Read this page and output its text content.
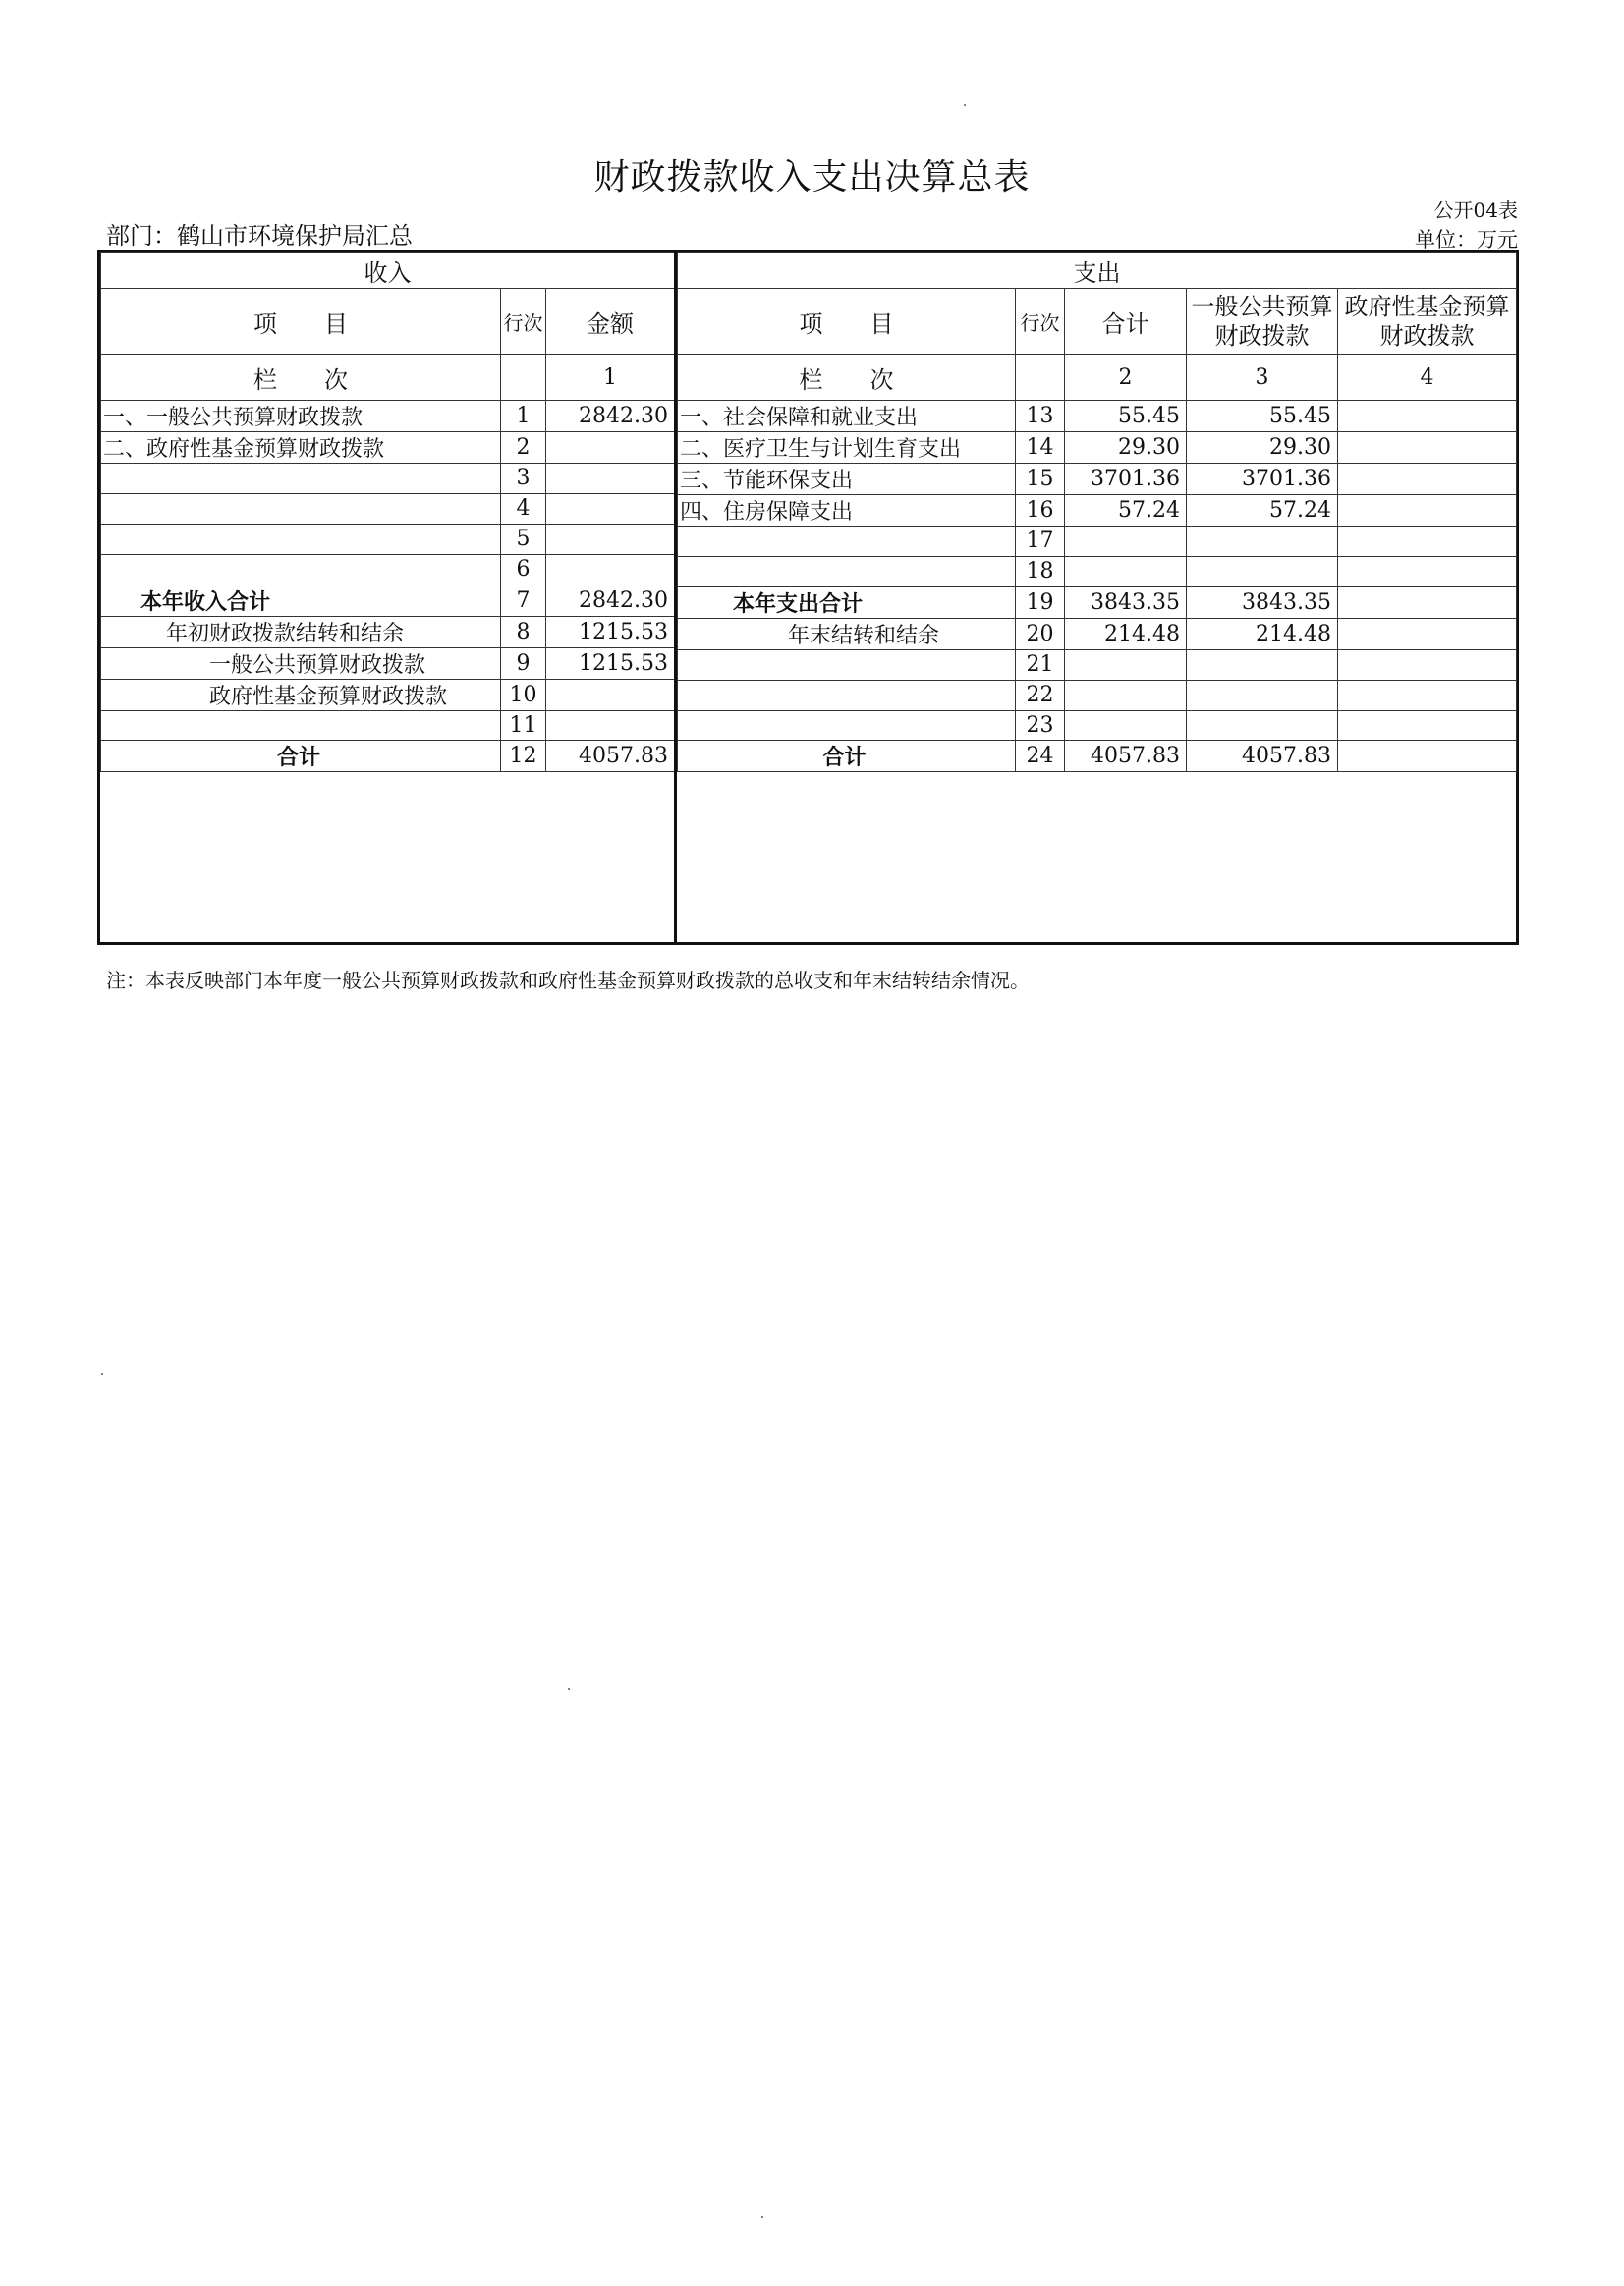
财政拨款收入支出决算总表
公开04表
部门：鹤山市环境保护局汇总	单位：万元
收入		
项　　目	行次	金额
栏　　次		1
一、一般公共预算财政拨款	1	2842.30
二、政府性基金预算财政拨款	2	
	3	
	4	
	5	
	6	
本年收入合计	7	2842.30
年初财政拨款结转和结余	8	1215.53
一般公共预算财政拨款	9	1215.53
政府性基金预算财政拨款	10	
	11	
合计	12	4057.83
支出				
项　　目	行次	合计	一般公共预算财政拨款	政府性基金预算财政拨款
栏　　次		2	3	4
一、社会保障和就业支出	13	55.45	55.45	
二、医疗卫生与计划生育支出	14	29.30	29.30	
三、节能环保支出	15	3701.36	3701.36	
四、住房保障支出	16	57.24	57.24	
	17			
	18			
本年支出合计	19	3843.35	3843.35	
年末结转和结余	20	214.48	214.48	
	21			
	22			
	23			
合计	24	4057.83	4057.83	
注：本表反映部门本年度一般公共预算财政拨款和政府性基金预算财政拨款的总收支和年末结转结余情况。
